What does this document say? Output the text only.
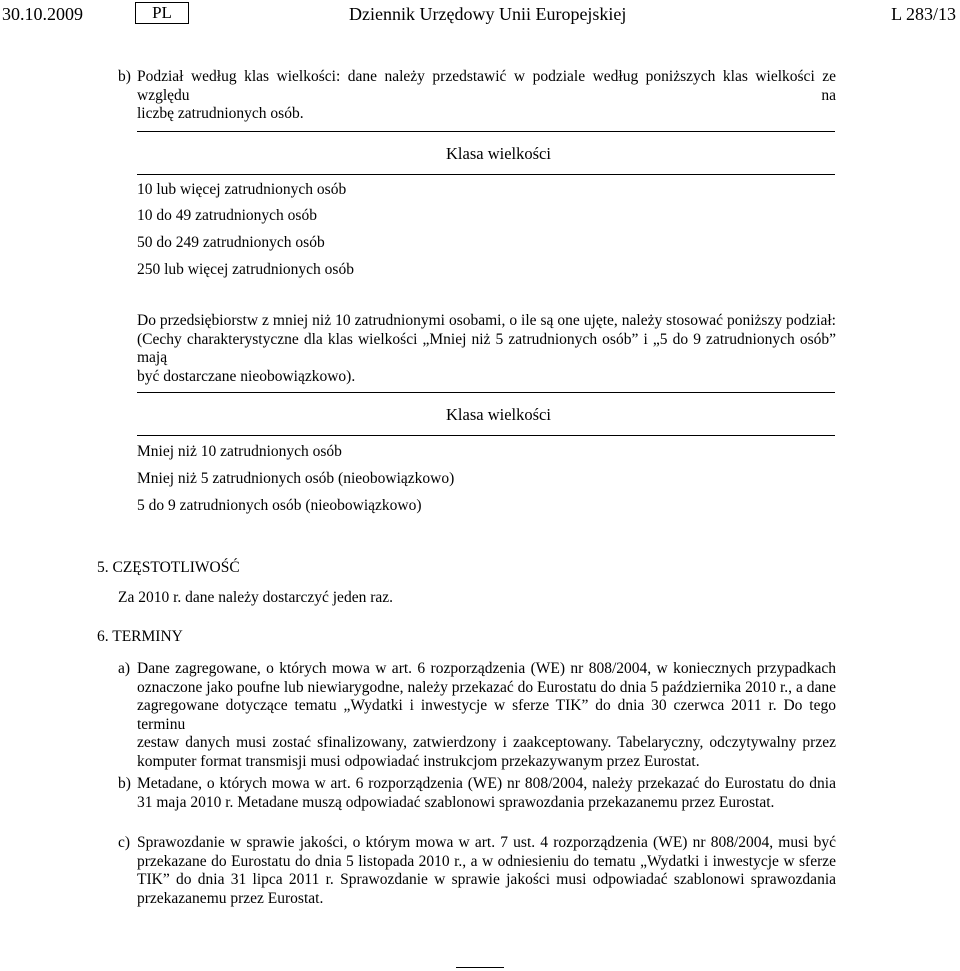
30.10.2009	PL	Dziennik Urzędowy Unii Europejskiej	L 283/13
b) Podział według klas wielkości: dane należy przedstawić w podziale według poniższych klas wielkości ze względu na
liczbę zatrudnionych osób.
Klasa wielkości
10 lub więcej zatrudnionych osób
10 do 49 zatrudnionych osób
50 do 249 zatrudnionych osób
250 lub więcej zatrudnionych osób
Do przedsiębiorstw z mniej niż 10 zatrudnionymi osobami, o ile są one ujęte, należy stosować poniższy podział:
(Cechy charakterystyczne dla klas wielkości „Mniej niż 5 zatrudnionych osób” i „5 do 9 zatrudnionych osób” mają
być dostarczane nieobowiązkowo).
Klasa wielkości
Mniej niż 10 zatrudnionych osób
Mniej niż 5 zatrudnionych osób (nieobowiązkowo)
5 do 9 zatrudnionych osób (nieobowiązkowo)
5. CZĘSTOTLIWOŚĆ
Za 2010 r. dane należy dostarczyć jeden raz.
6. TERMINY
a) Dane zagregowane, o których mowa w art. 6 rozporządzenia (WE) nr 808/2004, w koniecznych przypadkach
oznaczone jako poufne lub niewiarygodne, należy przekazać do Eurostatu do dnia 5 października 2010 r., a dane
zagregowane dotyczące tematu „Wydatki i inwestycje w sferze TIK” do dnia 30 czerwca 2011 r. Do tego terminu
zestaw danych musi zostać sfinalizowany, zatwierdzony i zaakceptowany. Tabelaryczny, odczytywalny przez
komputer format transmisji musi odpowiadać instrukcjom przekazywanym przez Eurostat.
b) Metadane, o których mowa w art. 6 rozporządzenia (WE) nr 808/2004, należy przekazać do Eurostatu do dnia
31 maja 2010 r. Metadane muszą odpowiadać szablonowi sprawozdania przekazanemu przez Eurostat.
c) Sprawozdanie w sprawie jakości, o którym mowa w art. 7 ust. 4 rozporządzenia (WE) nr 808/2004, musi być
przekazane do Eurostatu do dnia 5 listopada 2010 r., a w odniesieniu do tematu „Wydatki i inwestycje w sferze
TIK” do dnia 31 lipca 2011 r. Sprawozdanie w sprawie jakości musi odpowiadać szablonowi sprawozdania
przekazanemu przez Eurostat.
